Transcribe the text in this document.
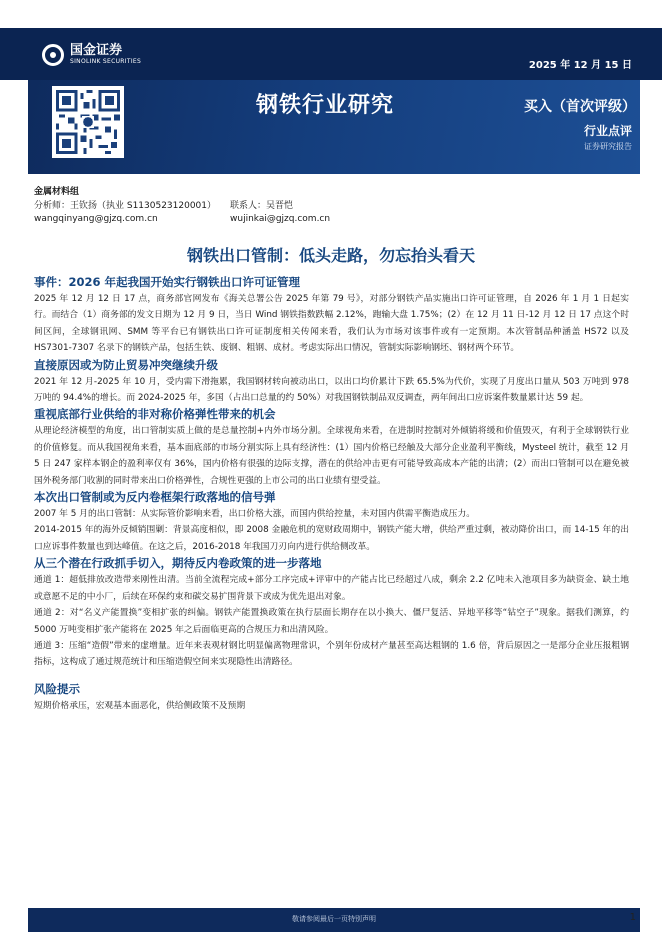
国金证券
SINOLINK SECURITIES	2025 年 12 月 15 日
钢铁行业研究	买入（首次评级）
行业点评
证券研究报告
金属材料组
分析师：王钦扬（执业 S1130523120001）	联系人：吴晋恺
wangqinyang@gjzq.com.cn	wujinkai@gjzq.com.cn
钢铁出口管制：低头走路，勿忘抬头看天
事件：2026 年起我国开始实行钢铁出口许可证管理
2025 年 12 月 12 日 17 点，商务部官网发布《海关总署公告 2025 年第 79 号》，对部分钢铁产品实施出口许可证管理，自 2026 年 1 月 1 日起实行。而结合（1）商务部的发文日期为 12 月 9 日，当日 Wind 钢铁指数跌幅 2.12%，跑输大盘 1.75%；(2）在 12 月 11 日-12 月 12 日 17 点这个时间区间，全球钢讯网、SMM 等平台已有钢铁出口许可证制度相关传闻来看，我们认为市场对该事件或有一定预期。本次管制品种涵盖 HS72 以及 HS7301-7307 名录下的钢铁产品，包括生铁、废钢、粗钢、成材。考虑实际出口情况，管制实际影响钢坯、钢材两个环节。
直接原因或为防止贸易冲突继续升级
2021 年 12 月-2025 年 10 月，受内需下滑拖累，我国钢材转向被动出口，以出口均价累计下跌 65.5%为代价，实现了月度出口量从 503 万吨到 978 万吨的 94.4%的增长。而 2024-2025 年，多国（占出口总量的约 50%）对我国钢铁制品双反调查，两年间出口应诉案件数量累计达 59 起。
重视底部行业供给的非对称价格弹性带来的机会
从理论经济模型的角度，出口管制实质上做的是总量控制+内外市场分割。全球视角来看，在进制时控制对外倾销将缓和价值毁灭，有利于全球钢铁行业的价值修复。而从我国视角来看，基本面底部的市场分割实际上具有经济性：(1）国内价格已经触及大部分企业盈利平衡线，Mysteel 统计，截至 12 月 5 日 247 家样本钢企的盈利率仅有 36%，国内价格有很强的边际支撑，潜在的供给冲击更有可能导致高成本产能的出清；(2）而出口管制可以在避免被国外税务部门收割的同时带来出口价格弹性，合规性更强的上市公司的出口业绩有望受益。
本次出口管制或为反内卷框架行政落地的信号弹
2007 年 5 月的出口管制：从实际管价影响来看，出口价格大涨，而国内供给控量，未对国内供需平衡造成压力。
2014-2015 年的海外反倾销围剿：背景高度相似，即 2008 金融危机的宽财政周期中，钢铁产能大增，供给严重过剩，被动降价出口，而 14-15 年的出口应诉事件数量也到达峰值。在这之后，2016-2018 年我国刀刃向内进行供给侧改革。
从三个潜在行政抓手切入，期待反内卷政策的进一步落地
通道 1：超低排放改造带来刚性出清。当前全流程完成+部分工序完成+评审中的产能占比已经超过八成，剩余 2.2 亿吨未入池项目多为缺资金、缺土地或意愿不足的中小厂，后续在环保约束和碳交易扩围背景下或成为优先退出对象。
通道 2：对“名义产能置换”变相扩张的纠偏。钢铁产能置换政策在执行层面长期存在以小换大、僵尸复活、异地平移等“钻空子”现象。据我们测算，约 5000 万吨变相扩张产能将在 2025 年之后面临更高的合规压力和出清风险。
通道 3：压缩“造假”带来的虚增量。近年来表观材钢比明显偏离物理常识，个别年份成材产量甚至高达粗钢的 1.6 倍，背后原因之一是部分企业压报粗钢指标，这构成了通过规范统计和压缩造假空间来实现隐性出清路径。
风险提示
短期价格承压，宏观基本面恶化，供给侧政策不及预期
敬请参阅最后一页特别声明	1
